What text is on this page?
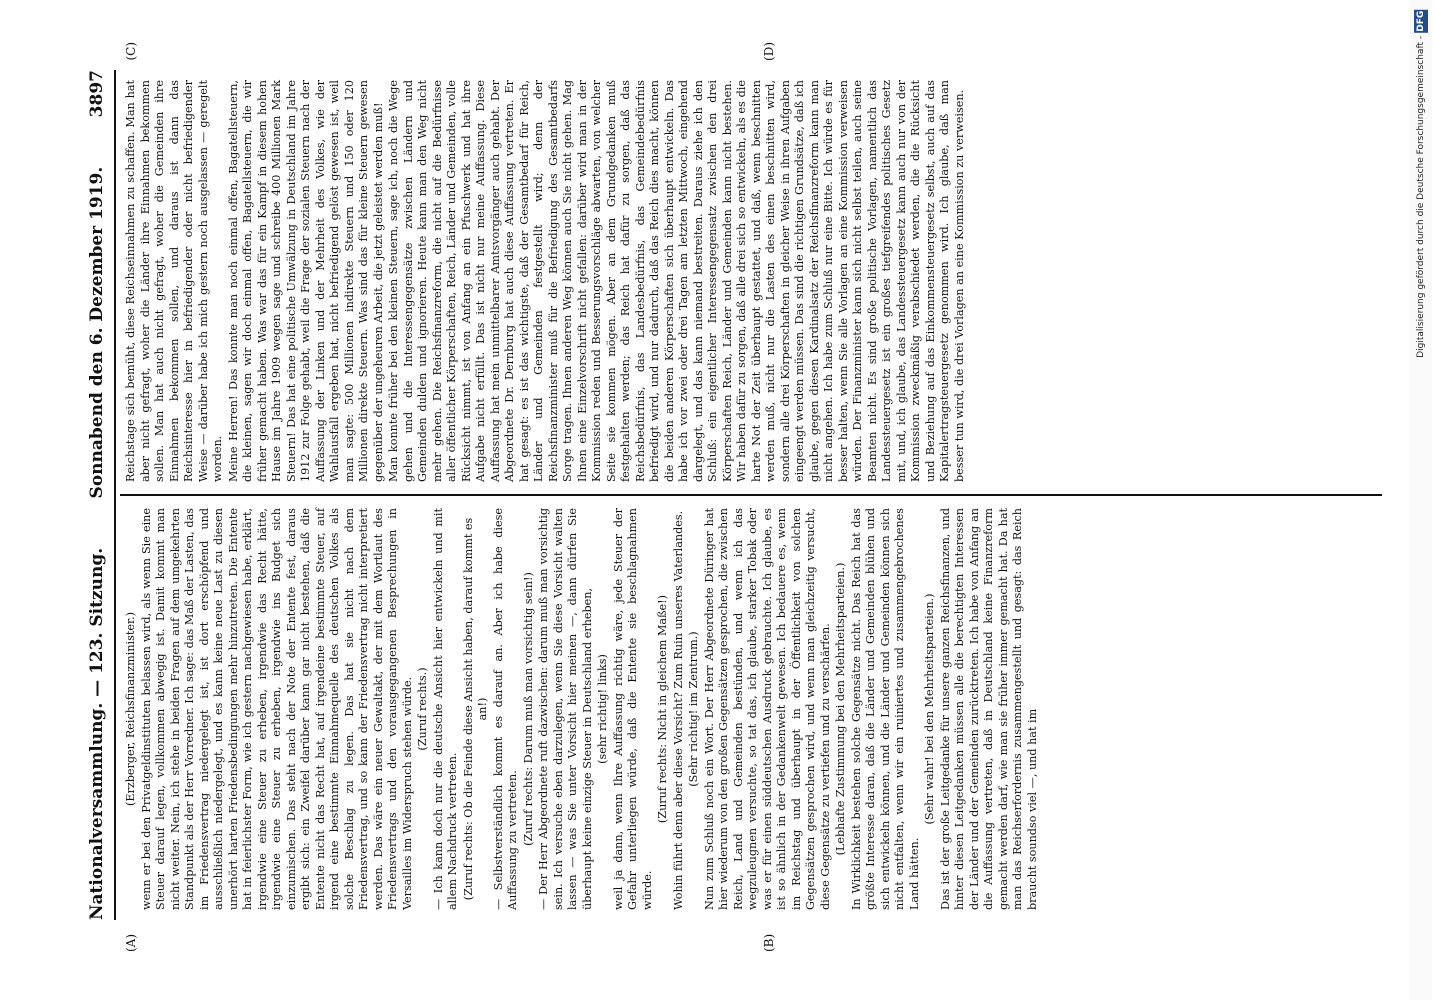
Nationalversammlung. — 123. Sitzung.
Sonnabend den 6. Dezember 1919.
3897
(A)	(B)
(C)	(D)

(Erzberger, Reichsfinanzminister.) wenn er bei den Privatgeldinstituten belassen wird, als wenn Sie eine Steuer darauf legen, vollkommen abwegig ist. Damit kommt man nicht weiter. Nein, ich stehe in beiden Fragen auf dem umgekehrten Standpunkt als der Herr Vorredner. Ich sage: das Maß der Lasten, das im Friedensvertrag niedergelegt ist, ist dort erschöpfend und ausschließlich niedergelegt, und es kann keine neue Last zu diesen unerhört harten Friedensbedingungen mehr hinzutreten. Die Entente hat in feierlichster Form, wie ich gestern nachgewiesen habe, erklärt, irgendwie eine Steuer zu erheben, irgendwie das Recht hätte, irgendwie eine Steuer zu erheben, irgendwie ins Budget sich einzumischen. Das steht nach der Note der Entente fest, daraus ergibt sich: ein Zweifel darüber kann gar nicht bestehen, daß die Entente nicht das Recht hat, auf irgendeine bestimmte Steuer, auf irgend eine bestimmte Einnahmequelle des deutschen Volkes als solche Beschlag zu legen. Das hat sie nicht nach dem Friedensvertrag, und so kann der Friedensvertrag nicht interpretiert werden. Das wäre ein neuer Gewaltakt, der mit dem Wortlaut des Friedensvertrags und den vorausgegangenen Besprechungen in Versailles im Widerspruch stehen würde. (Zuruf rechts.) — Ich kann doch nur die deutsche Ansicht hier entwickeln und mit allem Nachdruck vertreten. (Zuruf rechts: Ob die Feinde diese Ansicht haben, darauf kommt es an!) — Selbstverständlich kommt es darauf an. Aber ich habe diese Auffassung zu vertreten. (Zuruf rechts: Darum muß man vorsichtig sein!) — Der Herr Abgeordnete ruft dazwischen: darum muß man vorsichtig sein. Ich versuche eben darzulegen, wenn Sie diese Vorsicht walten lassen — was Sie unter Vorsicht hier meinen —, dann dürfen Sie überhaupt keine einzige Steuer in Deutschland erheben, (sehr richtig! links) weil ja dann, wenn Ihre Auffassung richtig wäre, jede Steuer der Gefahr unterliegen würde, daß die Entente sie beschlagnahmen würde.

(Zuruf rechts: Nicht in gleichem Maße!) Wohin führt denn aber diese Vorsicht? Zum Ruin unseres Vaterlandes. (Sehr richtig! im Zentrum.) Nun zum Schluß noch ein Wort. Der Herr Abgeordnete Düringer hat hier wiederum von den großen Gegensätzen gesprochen, die zwischen Reich, Land und Gemeinden bestünden, und wenn ich das wegzuleugnen versuchte, so tat das, ich glaube, starker Tobak oder was er für einen süddeutschen Ausdruck gebrauchte. Ich glaube, es ist so ähnlich in der Gedankenwelt gewesen. Ich bedauere es, wenn im Reichstag und überhaupt in der Öffentlichkeit von solchen Gegensätzen gesprochen wird, und wenn man gleichzeitig versucht, diese Gegensätze zu vertiefen und zu verschärfen. (Lebhafte Zustimmung bei den Mehrheitsparteien.) In Wirklichkeit bestehen solche Gegensätze nicht. Das Reich hat das größte Interesse daran, daß die Länder und Gemeinden blühen und sich entwickeln können, und die Länder und Gemeinden können sich nicht entfalten, wenn wir ein ruiniertes und zusammengebrochenes Land hätten.

(Sehr wahr! bei den Mehrheitsparteien.) Das ist der große Leitgedanke für unsere ganzen Reichsfinanzen, und hinter diesen Leitgedanken müssen alle die berechtigten Interessen der Länder und der Gemeinden zurücktreten. Ich habe von Anfang an die Auffassung vertreten, daß in Deutschland keine Finanzreform gemacht werden darf, wie man sie früher immer gemacht hat. Da hat man das Reichserfordernis zusammengestellt und gesagt: das Reich braucht soundso viel —, und hat im

Reichstage sich bemüht, diese Reichseinnahmen zu schaffen. Man hat aber nicht gefragt, woher die Länder ihre Einnahmen bekommen sollen. Man hat auch nicht gefragt, woher die Gemeinden ihre Einnahmen bekommen sollen, und daraus ist dann das Reichsinteresse hier in befriedigender oder nicht befriedigender Weise — darüber habe ich mich gestern noch ausgelassen — geregelt worden. Meine Herren! Das konnte man noch einmal offen, Bagatellsteuern, die kleinen, sagen wir doch einmal offen, Bagatellsteuern, die wir früher gemacht haben. Was war das für ein Kampf in diesem hohen Hause im Jahre 1909 wegen sage und schreibe 400 Millionen Mark Steuern! Das hat eine politische Umwälzung in Deutschland im Jahre 1912 zur Folge gehabt, weil die Frage der sozialen Steuern nach der Auffassung der Linken und der Mehrheit des Volkes, wie der Wahlausfall ergeben hat, nicht befriedigend gelöst gewesen ist, weil man sagte: 500 Millionen indirekte Steuern und 150 oder 120 Millionen direkte Steuern. Was sind das für kleine Steuern gewesen gegenüber der ungeheuren Arbeit, die jetzt geleistet werden muß! Man konnte früher bei den kleinen Steuern, sage ich, noch die Wege gehen und die Interessengegensätze zwischen Ländern und Gemeinden dulden und ignorieren. Heute kann man den Weg nicht mehr gehen. Die Reichsfinanzreform, die nicht auf die Bedürfnisse aller öffentlicher Körperschaften, Reich, Länder und Gemeinden, volle Rücksicht nimmt, ist von Anfang an ein Pfuschwerk und hat ihre Aufgabe nicht erfüllt. Das ist nicht nur meine Auffassung. Diese Auffassung hat mein unmittelbarer Amtsvorgänger auch gehabt. Der Abgeordnete Dr. Dernburg hat auch diese Auffassung vertreten. Er hat gesagt: es ist das wichtigste, daß der Gesamtbedarf für Reich, Länder und Gemeinden festgestellt wird; denn der Reichsfinanzminister muß für die Befriedigung des Gesamtbedarfs Sorge tragen. Ihnen anderen Weg können auch Sie nicht gehen. Mag Ihnen eine Einzelvorschrift nicht gefallen: darüber wird man in der Kommission reden und Besserungsvorschläge abwarten, von welcher Seite sie kommen mögen. Aber an dem Grundgedanken muß festgehalten werden; das Reich hat dafür zu sorgen, daß das Reichsbedürfnis, das Landesbedürfnis, das Gemeindebedürfnis befriedigt wird, und nur dadurch, daß das Reich dies macht, können die beiden anderen Körperschaften sich überhaupt entwickeln. Das habe ich vor zwei oder drei Tagen am letzten Mittwoch, eingehend dargelegt, und das kann niemand bestreiten. Daraus ziehe ich den Schluß: ein eigentlicher Interessengegensatz zwischen den drei Körperschaften Reich, Länder und Gemeinden kann nicht bestehen. Wir haben dafür zu sorgen, daß alle drei sich so entwickeln, als es die harte Not der Zeit überhaupt gestattet, und daß, wenn beschnitten werden muß, nicht nur die Lasten des einen beschnitten wird, sondern alle drei Körperschaften in gleicher Weise in ihren Aufgaben eingeengt werden müssen. Das sind die richtigen Grundsätze, daß ich glaube, gegen diesen Kardinalsatz der Reichsfinanzreform kann man nicht angehen. Ich habe zum Schluß nur eine Bitte. Ich würde es für besser halten, wenn Sie alle Vorlagen an eine Kommission verweisen würden. Der Finanzminister kann sich nicht selbst teilen, auch seine Beamten nicht. Es sind große politische Vorlagen, namentlich das Landessteuergesetz ist ein großes tiefgreifendes politisches Gesetz mit, und, ich glaube, das Landessteuergesetz kann auch nur von der Kommission zweckmäßig verabschiedet werden, die die Rücksicht und Beziehung auf das Einkommensteuergesetz selbst, auch auf das Kapitalertragsteuergesetz genommen wird. Ich glaube, daß man besser tun wird, die drei Vorlagen an eine Kommission zu verweisen.	Digitalisierung gefördert durch die Deutsche Forschungsgemeinschaft - DFG
